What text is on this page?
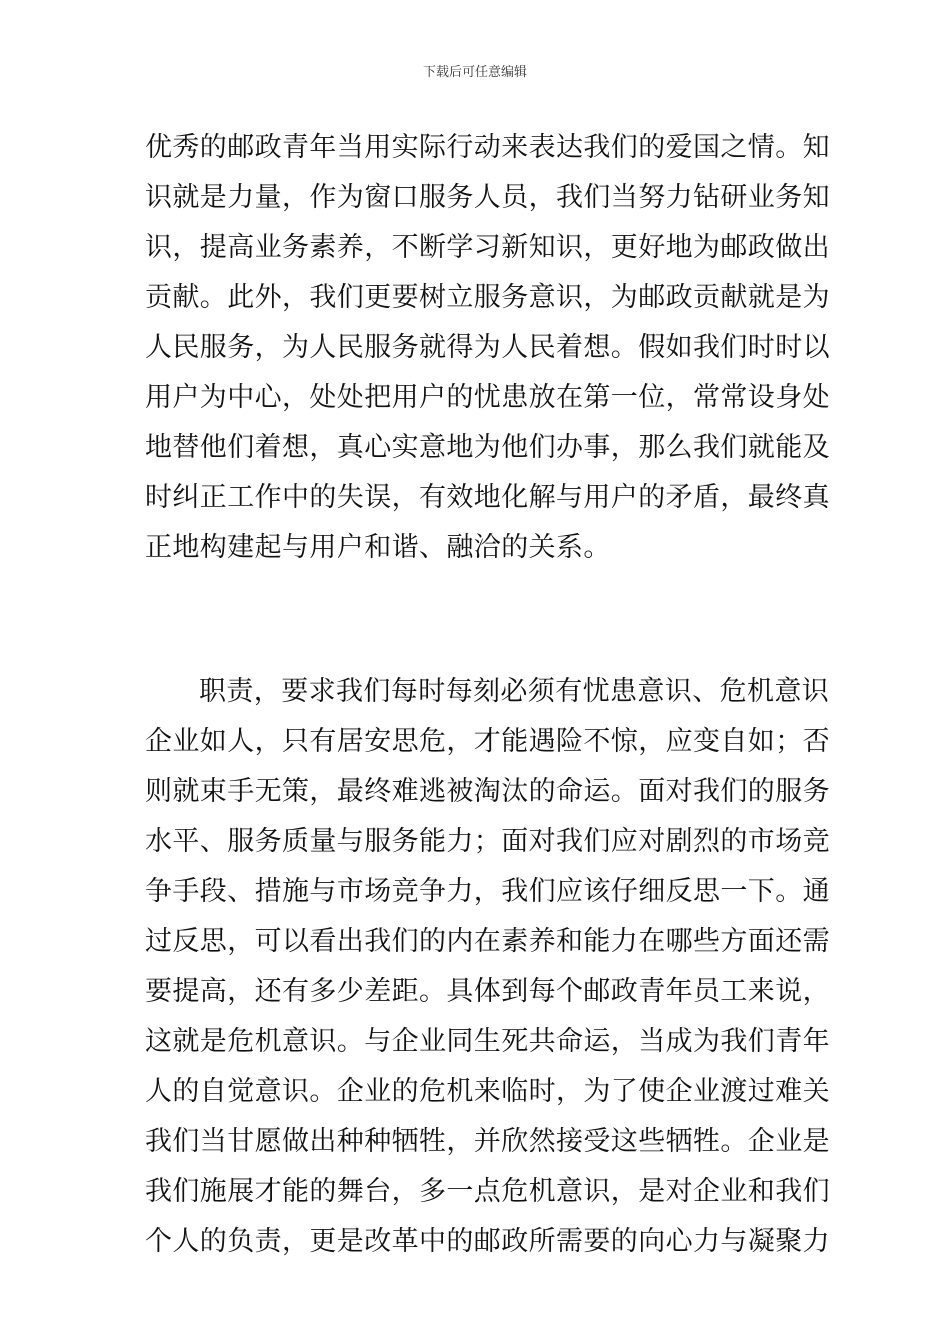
下载后可任意编辑
优秀的邮政青年当用实际行动来表达我们的爱国之情。知
识就是力量，作为窗口服务人员，我们当努力钻研业务知
识，提高业务素养，不断学习新知识，更好地为邮政做出
贡献。此外，我们更要树立服务意识，为邮政贡献就是为
人民服务，为人民服务就得为人民着想。假如我们时时以
用户为中心，处处把用户的忧患放在第一位，常常设身处
地替他们着想，真心实意地为他们办事，那么我们就能及
时纠正工作中的失误，有效地化解与用户的矛盾，最终真
正地构建起与用户和谐、融洽的关系。
职责，要求我们每时每刻必须有忧患意识、危机意识
企业如人，只有居安思危，才能遇险不惊，应变自如；否
则就束手无策，最终难逃被淘汰的命运。面对我们的服务
水平、服务质量与服务能力；面对我们应对剧烈的市场竞
争手段、措施与市场竞争力，我们应该仔细反思一下。通
过反思，可以看出我们的内在素养和能力在哪些方面还需
要提高，还有多少差距。具体到每个邮政青年员工来说，
这就是危机意识。与企业同生死共命运，当成为我们青年
人的自觉意识。企业的危机来临时，为了使企业渡过难关
我们当甘愿做出种种牺牲，并欣然接受这些牺牲。企业是
我们施展才能的舞台，多一点危机意识，是对企业和我们
个人的负责，更是改革中的邮政所需要的向心力与凝聚力
